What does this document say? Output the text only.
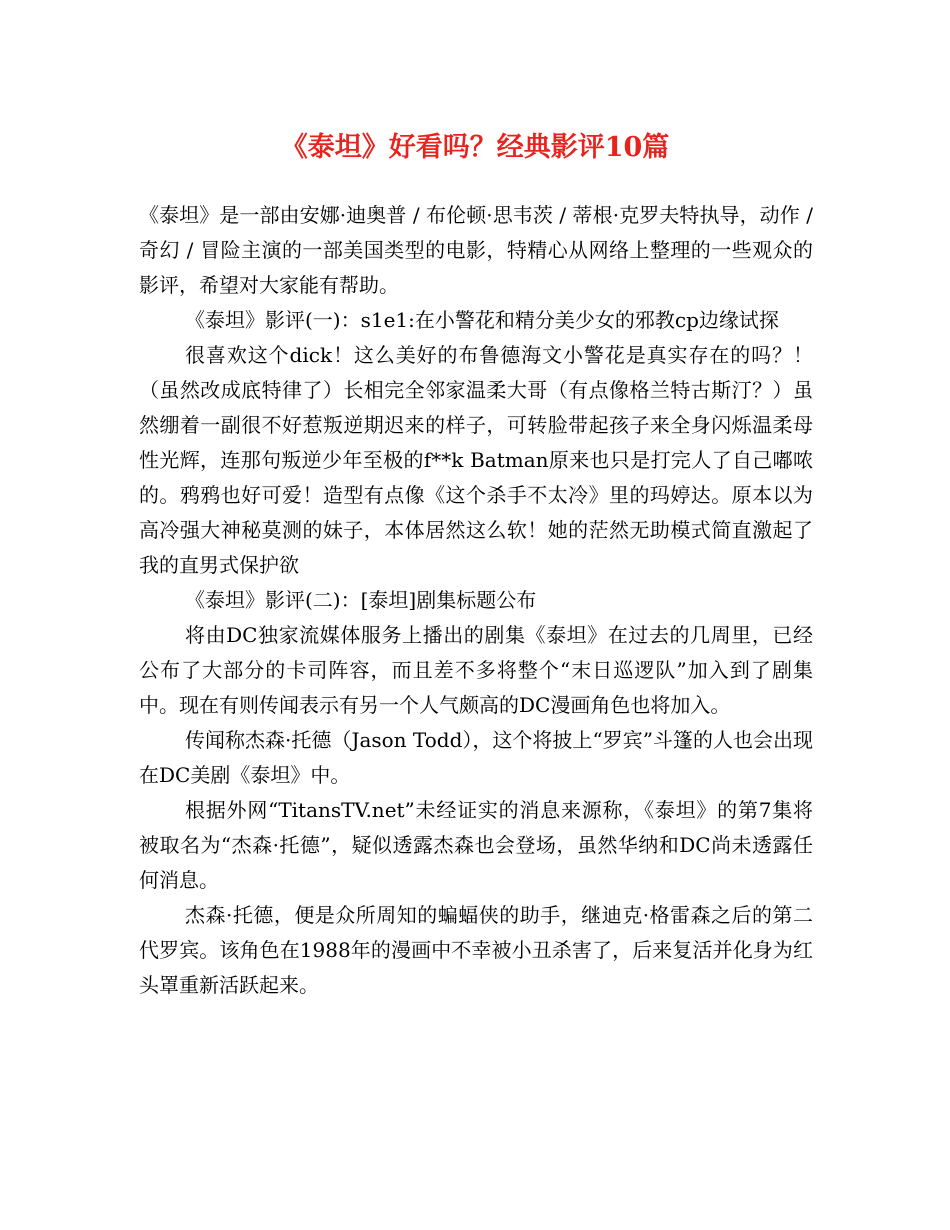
《泰坦》好看吗？经典影评10篇

《泰坦》是一部由安娜·迪奥普 / 布伦顿·思韦茨 / 蒂根·克罗夫特执导，动作 / 奇幻 / 冒险主演的一部美国类型的电影，特精心从网络上整理的一些观众的影评，希望对大家能有帮助。

《泰坦》影评(一)：s1e1:在小警花和精分美少女的邪教cp边缘试探

很喜欢这个dick！这么美好的布鲁德海文小警花是真实存在的吗？！（虽然改成底特律了）长相完全邻家温柔大哥（有点像格兰特古斯汀？）虽然绷着一副很不好惹叛逆期迟来的样子，可转脸带起孩子来全身闪烁温柔母性光辉，连那句叛逆少年至极的f**k Batman原来也只是打完人了自己嘟哝的。鸦鸦也好可爱！造型有点像《这个杀手不太冷》里的玛婷达。原本以为高冷强大神秘莫测的妹子，本体居然这么软！她的茫然无助模式简直激起了我的直男式保护欲

《泰坦》影评(二)：[泰坦]剧集标题公布

将由DC独家流媒体服务上播出的剧集《泰坦》在过去的几周里，已经公布了大部分的卡司阵容，而且差不多将整个“末日巡逻队”加入到了剧集中。现在有则传闻表示有另一个人气颇高的DC漫画角色也将加入。

传闻称杰森·托德（Jason Todd），这个将披上“罗宾”斗篷的人也会出现在DC美剧《泰坦》中。

根据外网“TitansTV.net”未经证实的消息来源称，《泰坦》的第7集将被取名为“杰森·托德”，疑似透露杰森也会登场，虽然华纳和DC尚未透露任何消息。

杰森·托德，便是众所周知的蝙蝠侠的助手，继迪克·格雷森之后的第二代罗宾。该角色在1988年的漫画中不幸被小丑杀害了，后来复活并化身为红头罩重新活跃起来。
